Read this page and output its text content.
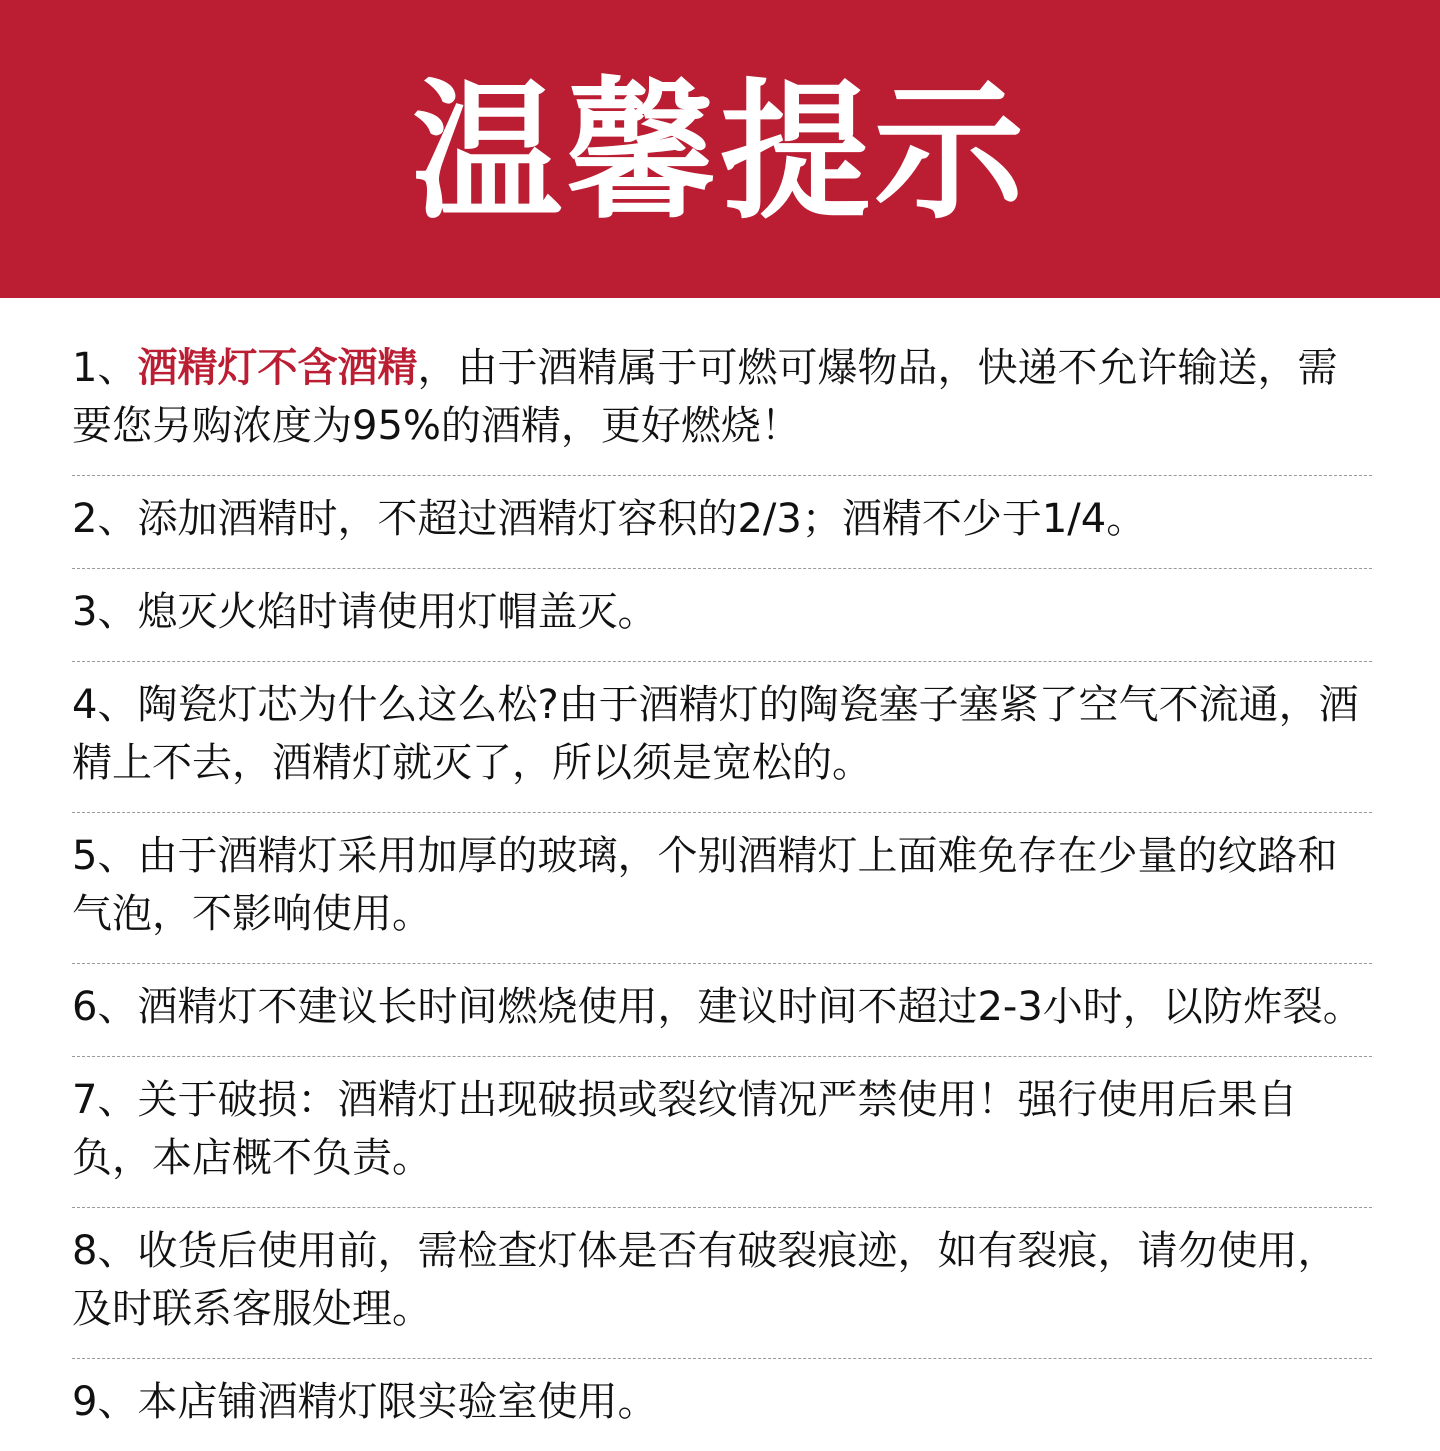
温馨提示
1、酒精灯不含酒精，由于酒精属于可燃可爆物品，快递不允许输送，需要您另购浓度为95%的酒精，更好燃烧！
2、添加酒精时，不超过酒精灯容积的2/3；酒精不少于1/4。
3、熄灭火焰时请使用灯帽盖灭。
4、陶瓷灯芯为什么这么松?由于酒精灯的陶瓷塞子塞紧了空气不流通，酒精上不去，酒精灯就灭了，所以须是宽松的。
5、由于酒精灯采用加厚的玻璃，个别酒精灯上面难免存在少量的纹路和气泡，不影响使用。
6、酒精灯不建议长时间燃烧使用，建议时间不超过2-3小时，以防炸裂。
7、关于破损：酒精灯出现破损或裂纹情况严禁使用！强行使用后果自负，本店概不负责。
8、收货后使用前，需检查灯体是否有破裂痕迹，如有裂痕，请勿使用，及时联系客服处理。
9、本店铺酒精灯限实验室使用。
